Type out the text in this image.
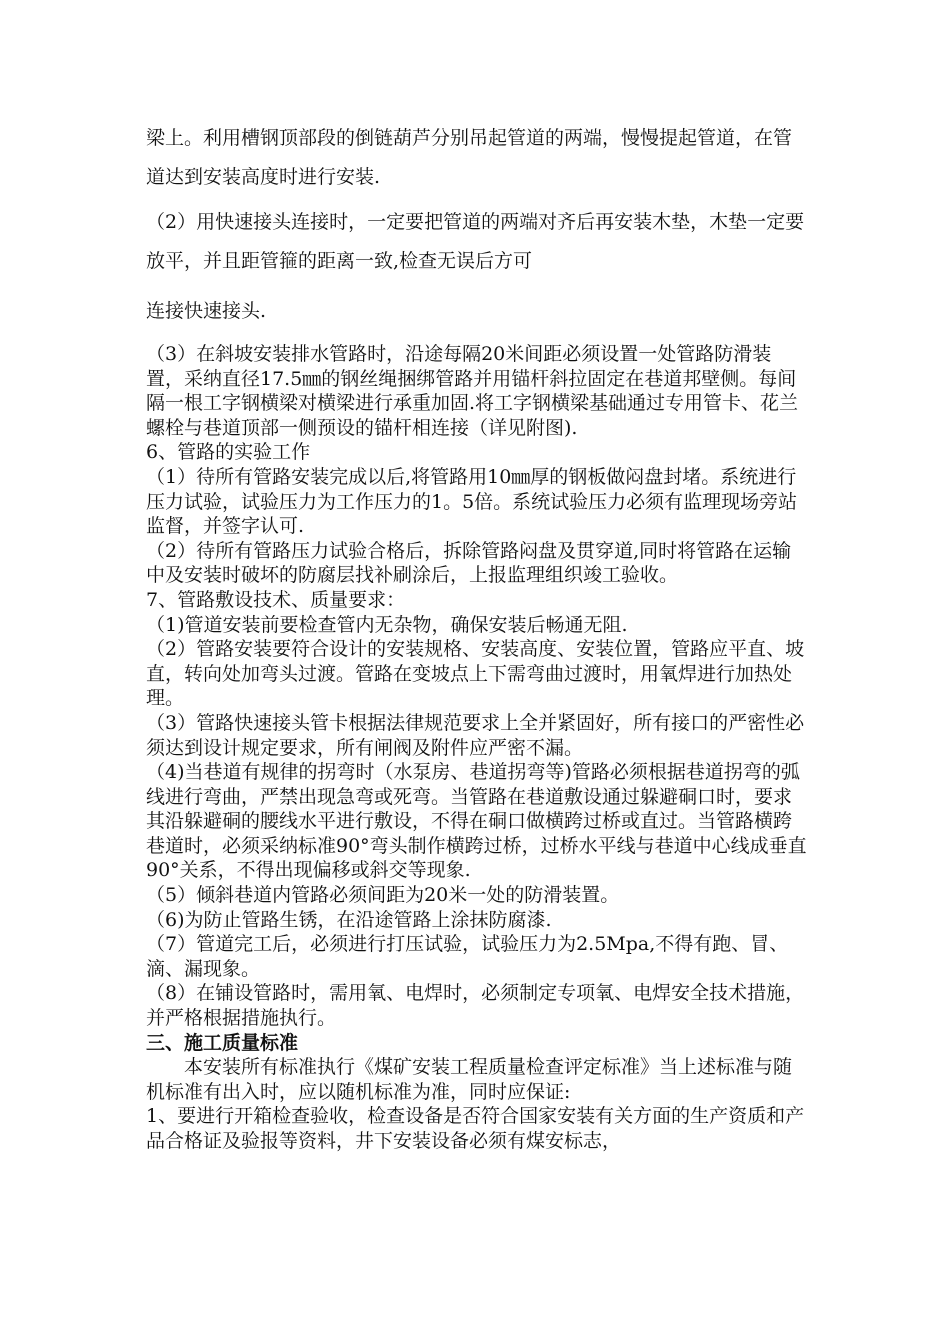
梁上。利用槽钢顶部段的倒链葫芦分别吊起管道的两端，慢慢提起管道，在管道达到安装高度时进行安装.

（2）用快速接头连接时，一定要把管道的两端对齐后再安装木垫，木垫一定要放平，并且距管箍的距离一致,检查无误后方可

连接快速接头.

（3）在斜坡安装排水管路时，沿途每隔20米间距必须设置一处管路防滑装置，采纳直径17.5㎜的钢丝绳捆绑管路并用锚杆斜拉固定在巷道邦壁侧。每间隔一根工字钢横梁对横梁进行承重加固.将工字钢横梁基础通过专用管卡、花兰螺栓与巷道顶部一侧预设的锚杆相连接（详见附图).

6、管路的实验工作

（1）待所有管路安装完成以后,将管路用10㎜厚的钢板做闷盘封堵。系统进行压力试验，试验压力为工作压力的1。5倍。系统试验压力必须有监理现场旁站监督，并签字认可.

（2）待所有管路压力试验合格后，拆除管路闷盘及贯穿道,同时将管路在运输中及安装时破坏的防腐层找补刷涂后，上报监理组织竣工验收。

7、管路敷设技术、质量要求：

（1)管道安装前要检查管内无杂物，确保安装后畅通无阻.

（2）管路安装要符合设计的安装规格、安装高度、安装位置，管路应平直、坡直，转向处加弯头过渡。管路在变坡点上下需弯曲过渡时，用氧焊进行加热处理。

（3）管路快速接头管卡根据法律规范要求上全并紧固好，所有接口的严密性必须达到设计规定要求，所有闸阀及附件应严密不漏。

（4)当巷道有规律的拐弯时（水泵房、巷道拐弯等)管路必须根据巷道拐弯的弧线进行弯曲，严禁出现急弯或死弯。当管路在巷道敷设通过躲避硐口时，要求其沿躲避硐的腰线水平进行敷设，不得在硐口做横跨过桥或直过。当管路横跨巷道时，必须采纳标准90°弯头制作横跨过桥，过桥水平线与巷道中心线成垂直90°关系，不得出现偏移或斜交等现象.

（5）倾斜巷道内管路必须间距为20米一处的防滑装置。

（6)为防止管路生锈，在沿途管路上涂抹防腐漆.

（7）管道完工后，必须进行打压试验，试验压力为2.5Mpa,不得有跑、冒、滴、漏现象。

（8）在铺设管路时，需用氧、电焊时，必须制定专项氧、电焊安全技术措施，并严格根据措施执行。

三、施工质量标准

本安装所有标准执行《煤矿安装工程质量检查评定标准》当上述标准与随机标准有出入时，应以随机标准为准，同时应保证:

1、要进行开箱检查验收，检查设备是否符合国家安装有关方面的生产资质和产品合格证及验报等资料，井下安装设备必须有煤安标志，
